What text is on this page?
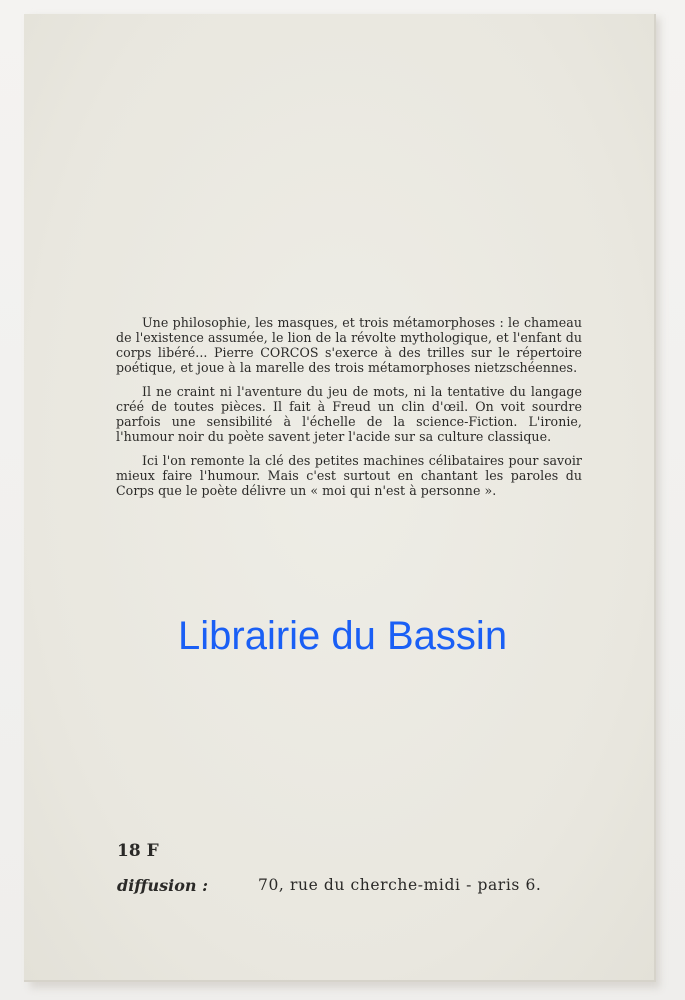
Une philosophie, les masques, et trois métamorphoses : le chameau de l'existence assumée, le lion de la révolte mythologique, et l'enfant du corps libéré... Pierre CORCOS s'exerce à des trilles sur le répertoire poétique, et joue à la marelle des trois métamorphoses nietzschéennes.

Il ne craint ni l'aventure du jeu de mots, ni la tentative du langage créé de toutes pièces. Il fait à Freud un clin d'œil. On voit sourdre parfois une sensibilité à l'échelle de la science-Fiction. L'ironie, l'humour noir du poète savent jeter l'acide sur sa culture classique.

Ici l'on remonte la clé des petites machines célibataires pour savoir mieux faire l'humour. Mais c'est surtout en chantant les paroles du Corps que le poète délivre un « moi qui n'est à personne ».

Librairie du Bassin
18 F
diffusion :	70, rue du cherche-midi - paris 6.
